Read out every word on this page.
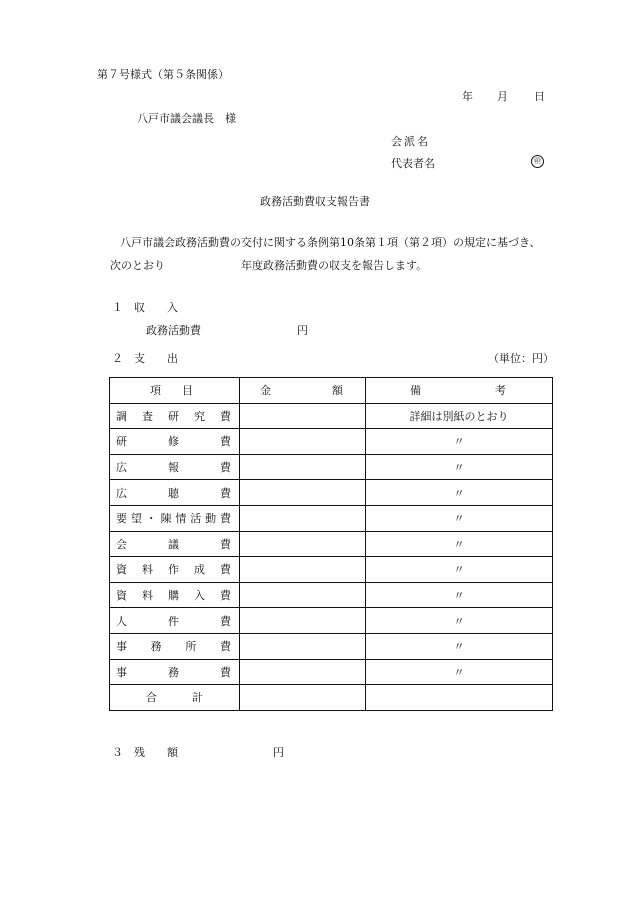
第７号様式（第５条関係）
年 月 日
八戸市議会議長　様
会派名
代表者名	㊞
政務活動費収支報告書
八戸市議会政務活動費の交付に関する条例第10条第１項（第２項）の規定に基づき、
次のとおり	年度政務活動費の収支を報告します。
１　収　　入
政務活動費	円
２　支　　出	（単位：円）
項目	金額	備考
調査研究費		詳細は別紙のとおり
研修費		〃
広報費		〃
広聴費		〃
要望・陳情活動費		〃
会議費		〃
資料作成費		〃
資料購入費		〃
人件費		〃
事務所費		〃
事務費		〃
合計		
３　残　　額	円
